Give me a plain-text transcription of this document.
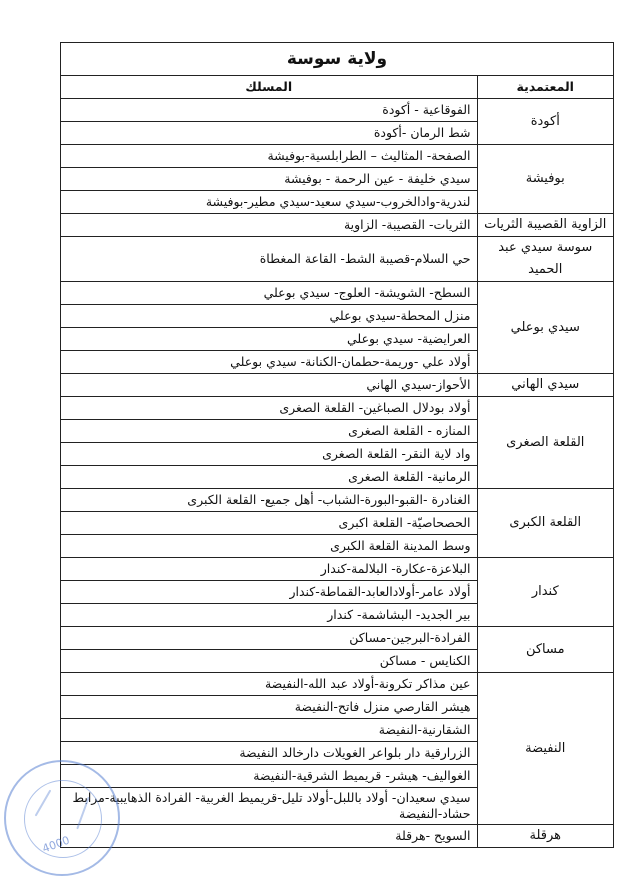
ولاية سوسة
المعتمدية	المسلك
أكودة	الفوقاعية - أكودة
	شط الرمان -أكودة
بوفيشة	الصفحة- المثاليث – الطرابلسية-بوفيشة
	سيدي خليفة - عين الرحمة - بوفيشة
	لندرية-وادالخروب-سيدي سعيد-سيدي مطير-بوفيشة
الزاوية القصيبة الثريات	الثريات- القصيبة- الزاوية
سوسة سيدي عبد الحميد	حي السلام-قصيبة الشط- القاعة المغطاة
سيدي بوعلي	السطح- الشويشة- العلوج- سيدي بوعلي
	منزل المحطة-سيدي بوعلي
	العرايضية- سيدي بوعلي
	أولاد علي -وريمة-حطمان-الكنانة- سيدي بوعلي
سيدي الهاني	الأحواز-سيدي الهاني
القلعة الصغرى	أولاد بودلال الصباغين- القلعة الصغرى
	المنازه - القلعة الصغرى
	واد لاية النقر- القلعة الصغرى
	الرمانية- القلعة الصغرى
القلعة الكبرى	الغنادرة -القبو-البورة-الشباب- أهل جميع- القلعة الكبرى
	الحصحاصيّة- القلعة اكبرى
	وسط المدينة القلعة الكبرى
كندار	البلاعزة-عكارة- البلالمة-كندار
	أولاد عامر-أولادالعابد-القماطة-كندار
	بير الجديد- البشاشمة- كندار
مساكن	الفرادة-البرجين-مساكن
	الكنايس - مساكن
النفيضة	عين مذاكر تكرونة-أولاد عبد الله-النفيضة
	هيشر القارصي منزل فاتح-النفيضة
	الشقارنية-النفيضة
	الزرارقية دار بلواعر الغويلات دارخالد النفيضة
	الغواليف- هيشر- قريميط الشرقية-النفيضة
	سيدي سعيدان- أولاد باللبل-أولاد تليل-قريميط الغربية- الفرادة الذهايبية-مرابط حشاد-النفيضة
هرقلة	السويح -هرقلة
4000
